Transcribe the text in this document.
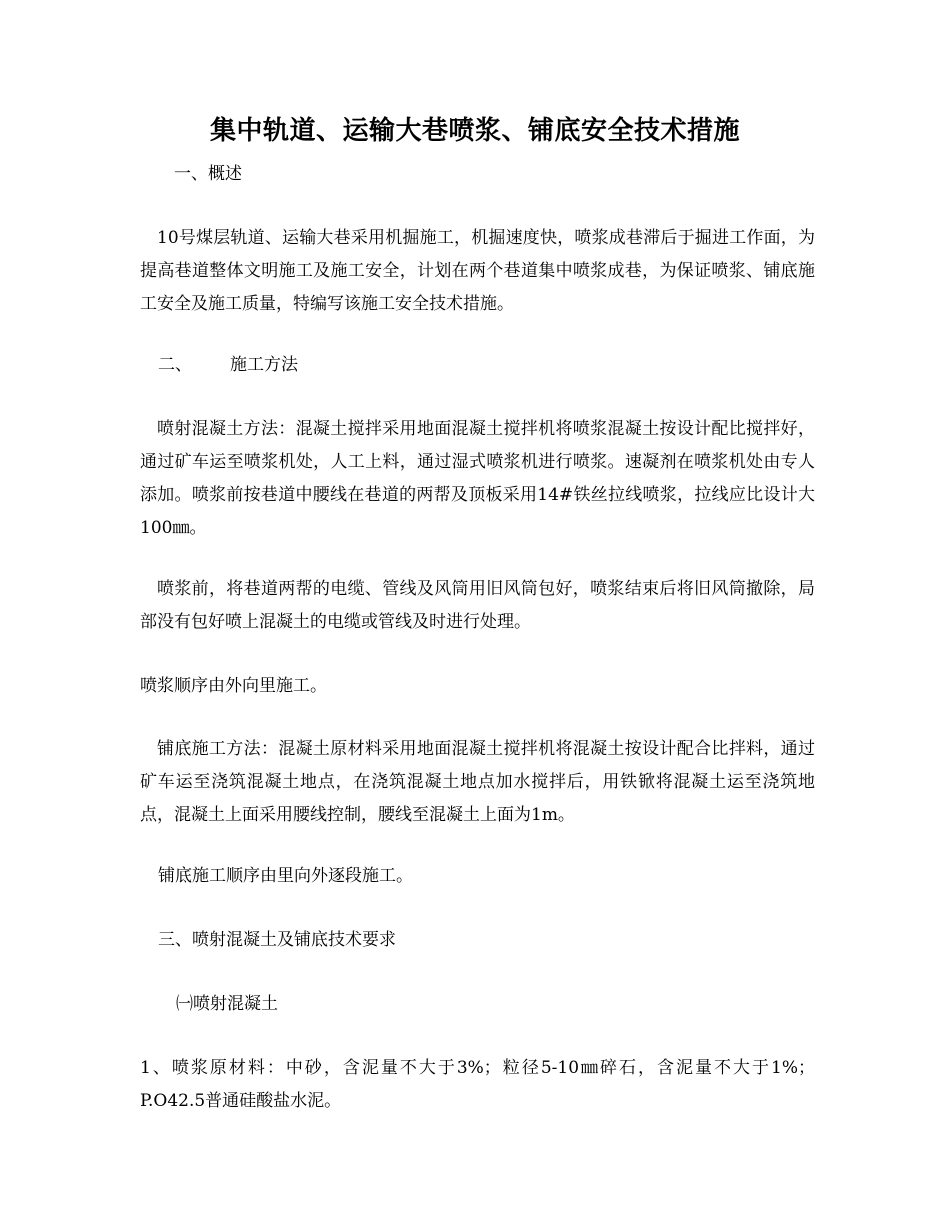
集中轨道、运输大巷喷浆、铺底安全技术措施

一、概述

10号煤层轨道、运输大巷采用机掘施工，机掘速度快，喷浆成巷滞后于掘进工作面，为提高巷道整体文明施工及施工安全，计划在两个巷道集中喷浆成巷，为保证喷浆、铺底施工安全及施工质量，特编写该施工安全技术措施。

二、 施工方法

喷射混凝土方法：混凝土搅拌采用地面混凝土搅拌机将喷浆混凝土按设计配比搅拌好，通过矿车运至喷浆机处，人工上料，通过湿式喷浆机进行喷浆。速凝剂在喷浆机处由专人添加。喷浆前按巷道中腰线在巷道的两帮及顶板采用14#铁丝拉线喷浆，拉线应比设计大100㎜。

喷浆前，将巷道两帮的电缆、管线及风筒用旧风筒包好，喷浆结束后将旧风筒撤除，局部没有包好喷上混凝土的电缆或管线及时进行处理。

喷浆顺序由外向里施工。

铺底施工方法：混凝土原材料采用地面混凝土搅拌机将混凝土按设计配合比拌料，通过矿车运至浇筑混凝土地点，在浇筑混凝土地点加水搅拌后，用铁锨将混凝土运至浇筑地点，混凝土上面采用腰线控制，腰线至混凝土上面为1m。

铺底施工顺序由里向外逐段施工。

三、喷射混凝土及铺底技术要求

㈠喷射混凝土

1、喷浆原材料：中砂，含泥量不大于3%；粒径5-10㎜碎石，含泥量不大于1%；P.O42.5普通硅酸盐水泥。
